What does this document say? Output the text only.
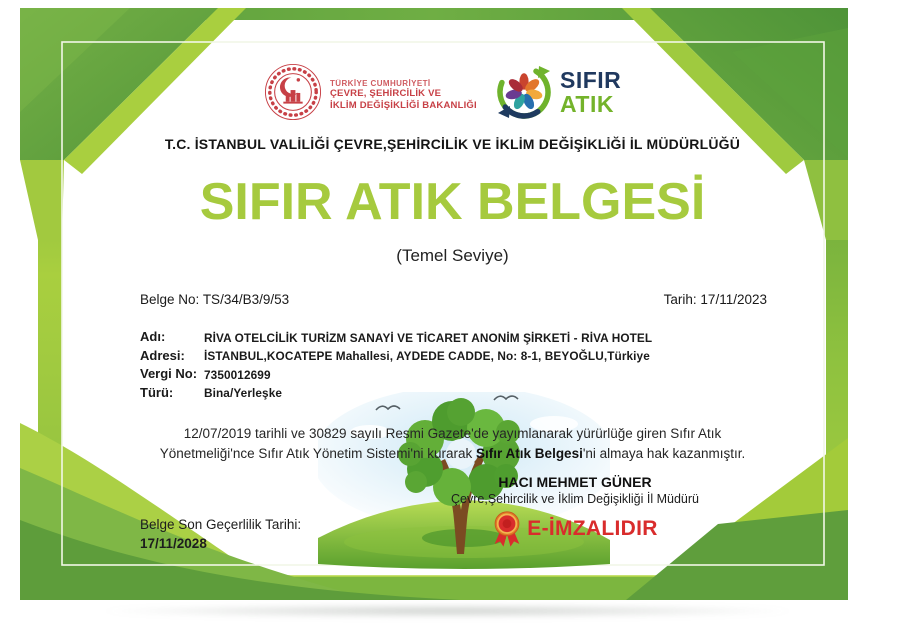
TÜRKİYE CUMHURİYETİ
ÇEVRE, ŞEHİRCİLİK VE
İKLİM DEĞİŞİKLİĞİ BAKANLIĞI
SIFIR
ATIK
T.C. İSTANBUL VALİLİĞİ ÇEVRE,ŞEHİRCİLİK VE İKLİM DEĞİŞİKLİĞİ İL MÜDÜRLÜĞÜ
SIFIR ATIK BELGESİ
(Temel Seviye)
Belge No: TS/34/B3/9/53	Tarih: 17/11/2023
Adı:	RİVA OTELCİLİK TURİZM SANAYİ VE TİCARET ANONİM ŞİRKETİ - RİVA HOTEL
Adresi:	İSTANBUL,KOCATEPE Mahallesi, AYDEDE CADDE, No: 8-1, BEYOĞLU,Türkiye
Vergi No: 7350012699
Türü:	Bina/Yerleşke
12/07/2019 tarihli ve 30829 sayılı Resmi Gazete'de yayımlanarak yürürlüğe giren Sıfır Atık
Yönetmeliği'nce Sıfır Atık Yönetim Sistemi'ni kurarak Sıfır Atık Belgesi'ni almaya hak kazanmıştır.
HACI MEHMET GÜNER
Çevre,Şehircilik ve İklim Değişikliği İl Müdürü
E-İMZALIDIR
Belge Son Geçerlilik Tarihi:
17/11/2028
